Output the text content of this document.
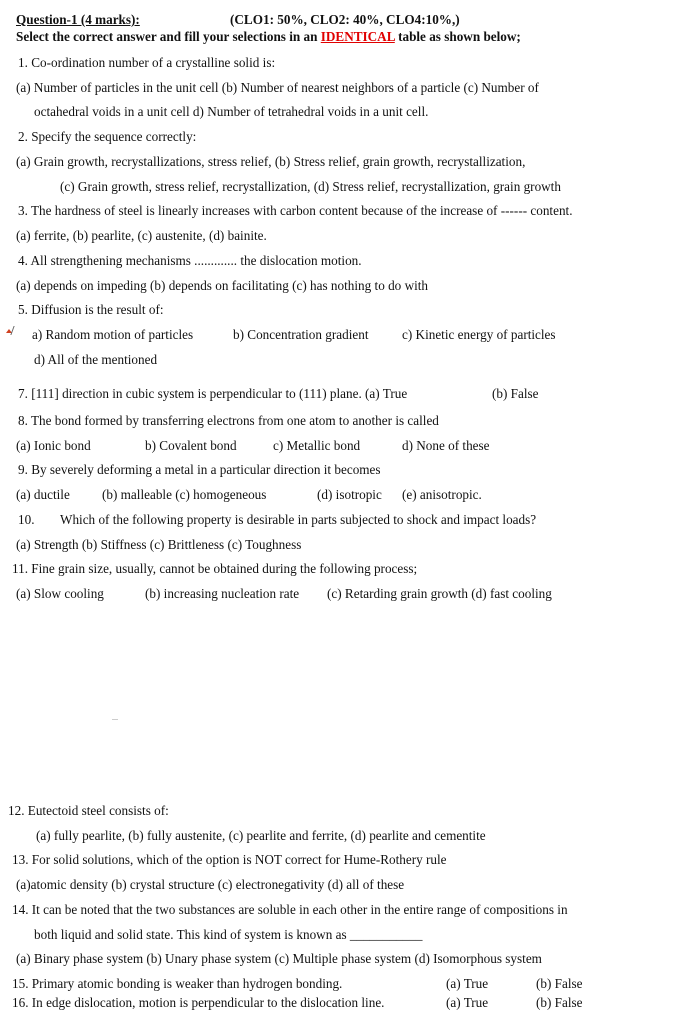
Question-1 (4 marks):	(CLO1: 50%, CLO2: 40%, CLO4:10%,)
Select the correct answer and fill your selections in an IDENTICAL table as shown below;
1. Co-ordination number of a crystalline solid is:
(a) Number of particles in the unit cell (b) Number of nearest neighbors of a particle (c) Number of
octahedral voids in a unit cell d) Number of tetrahedral voids in a unit cell.
2. Specify the sequence correctly:
(a) Grain growth, recrystallizations, stress relief, (b) Stress relief, grain growth, recrystallization,
(c) Grain growth, stress relief, recrystallization, (d) Stress relief, recrystallization, grain growth
3. The hardness of steel is linearly increases with carbon content because of the increase of ------ content.
(a) ferrite, (b) pearlite, (c) austenite, (d) bainite.
4. All strengthening mechanisms ............. the dislocation motion.
(a) depends on impeding (b) depends on facilitating (c) has nothing to do with
5. Diffusion is the result of:
a) Random motion of particles	b) Concentration gradient	c) Kinetic energy of particles
d) All of the mentioned
7. [111] direction in cubic system is perpendicular to (111) plane. (a) True	(b) False
8. The bond formed by transferring electrons from one atom to another is called
(a) Ionic bond	b) Covalent bond	c) Metallic bond	d) None of these
9. By severely deforming a metal in a particular direction it becomes
(a) ductile (b) malleable (c) homogeneous	(d) isotropic (e) anisotropic.
10. Which of the following property is desirable in parts subjected to shock and impact loads?
(a) Strength (b) Stiffness (c) Brittleness (c) Toughness
11. Fine grain size, usually, cannot be obtained during the following process;
(a) Slow cooling	(b) increasing nucleation rate (c) Retarding grain growth (d) fast cooling
12. Eutectoid steel consists of:
(a) fully pearlite, (b) fully austenite, (c) pearlite and ferrite, (d) pearlite and cementite
13. For solid solutions, which of the option is NOT correct for Hume-Rothery rule
(a)atomic density (b) crystal structure (c) electronegativity (d) all of these
14. It can be noted that the two substances are soluble in each other in the entire range of compositions in
both liquid and solid state. This kind of system is known as ___________
(a) Binary phase system (b) Unary phase system (c) Multiple phase system (d) Isomorphous system
15. Primary atomic bonding is weaker than hydrogen bonding.	(a) True	(b) False
16. In edge dislocation, motion is perpendicular to the dislocation line.	(a) True	(b) False
